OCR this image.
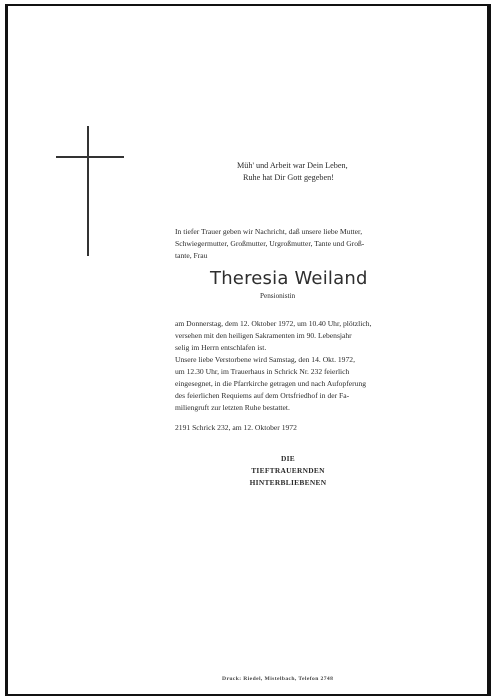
Müh' und Arbeit war Dein Leben,
Ruhe hat Dir Gott gegeben!
In tiefer Trauer geben wir Nachricht, daß unsere liebe Mutter,
Schwiegermutter, Großmutter, Urgroßmutter, Tante und Groß-
tante, Frau
Theresia Weiland
Pensionistin
am Donnerstag, dem 12. Oktober 1972, um 10.40 Uhr, plötzlich,
versehen mit den heiligen Sakramenten im 90. Lebensjahr
selig im Herrn entschlafen ist.
Unsere liebe Verstorbene wird Samstag, den 14. Okt. 1972,
um 12.30 Uhr, im Trauerhaus in Schrick Nr. 232 feierlich
eingesegnet, in die Pfarrkirche getragen und nach Aufopferung
des feierlichen Requiems auf dem Ortsfriedhof in der Fa-
miliengruft zur letzten Ruhe bestattet.
2191 Schrick 232, am 12. Oktober 1972
DIE
TIEFTRAUERNDEN
HINTERBLIEBENEN
Druck: Riedel, Mistelbach, Telefon 2748
